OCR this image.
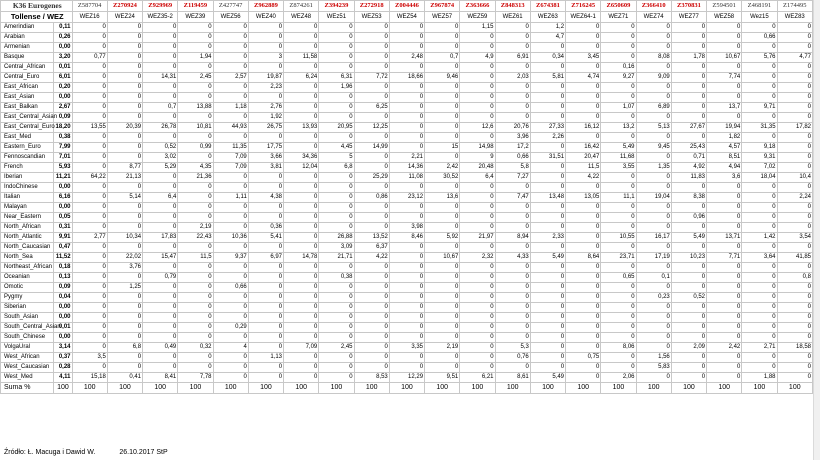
K36 Eurogenes		Z587704	Z270924	Z929969	Z119459	Z427747	Z962889	Z874261	Z394239	Z272918	Z004446	Z967874	Z363666	Z848313	Z674381	Z716245	Z650609	Z366410	Z370831	Z594501	Z468191	Z174495
Tollense / WEZ		WEZ16	WEZ24	WEZ35-2	WEZ39	WEZ56	WEZ40	WEZ48	WEz51	WEZ53	WEZ54	WEZ57	WEZ59	WEZ61	WEZ63	WEZ64-1	WEZ71	WEZ74	WEZ77	WEZ58	Wez15	WEZ83
Amerindian	0,11	0	0	0	0	0	0	0	0	0	0	0	1,15	0	1,2	0	0	0	0	0	0	0
Arabian	0,26	0	0	0	0	0	0	0	0	0	0	0	0	0	4,7	0	0	0	0	0	0,66	0
Armenian	0,00	0	0	0	0	0	0	0	0	0	0	0	0	0	0	0	0	0	0	0	0	0
Basque	3,20	0,77	0	0	1,94	0	3	11,58	0	0	2,48	0,7	4,9	6,91	0,34	3,45	0	8,08	1,78	10,67	5,76	4,77
Central_African	0,01	0	0	0	0	0	0	0	0	0	0	0	0	0	0	0	0,16	0	0	0	0	0
Central_Euro	6,01	0	0	14,31	2,45	2,57	19,87	6,24	6,31	7,72	18,66	9,46	0	2,03	5,81	4,74	9,27	9,09	0	7,74	0	0
East_African	0,20	0	0	0	0	0	2,23	0	1,96	0	0	0	0	0	0	0	0	0	0	0	0	0
East_Asian	0,00	0	0	0	0	0	0	0	0	0	0	0	0	0	0	0	0	0	0	0	0	0
East_Balkan	2,67	0	0	0,7	13,88	1,18	2,76	0	0	6,25	0	0	0	0	0	0	1,07	6,89	0	13,7	9,71	0
East_Central_Asian	0,09	0	0	0	0	0	1,92	0	0	0	0	0	0	0	0	0	0	0	0	0	0	0
East_Central_Euro	18,20	13,55	20,39	26,78	10,81	44,93	26,75	13,93	20,95	12,25	0	0	12,6	20,76	27,33	16,12	13,2	5,13	27,67	19,94	31,35	17,82
East_Med	0,38	0	0	0	0	0	0	0	0	0	0	0	0	3,96	2,26	0	0	0	0	1,82	0	0
Eastern_Euro	7,99	0	0	0,52	0,99	11,35	17,75	0	4,45	14,99	0	15	14,98	17,2	0	16,42	5,49	9,45	25,43	4,57	9,18	0
Fennoscandian	7,01	0	0	3,02	0	7,09	3,66	34,36	5	0	2,21	0	9	0,66	31,51	20,47	11,68	0	0,71	8,51	9,31	0
French	5,93	0	8,77	5,29	4,35	7,09	3,81	12,04	6,8	0	14,36	2,42	20,48	5,8	0	11,5	3,55	1,35	4,92	4,94	7,02	0
Iberian	11,21	64,22	21,13	0	21,36	0	0	0	0	25,29	11,08	30,52	6,4	7,27	0	4,22	0	0	11,83	3,6	18,04	10,4
IndoChinese	0,00	0	0	0	0	0	0	0	0	0	0	0	0	0	0	0	0	0	0	0	0	0
Italian	6,16	0	5,14	6,4	0	1,11	4,38	0	0	0,86	23,12	13,6	0	7,47	13,48	13,05	11,1	19,04	8,38	0	0	2,24
Malayan	0,00	0	0	0	0	0	0	0	0	0	0	0	0	0	0	0	0	0	0	0	0	0
Near_Eastern	0,05	0	0	0	0	0	0	0	0	0	0	0	0	0	0	0	0	0	0,96	0	0	0
North_African	0,31	0	0	0	2,19	0	0,36	0	0	0	3,98	0	0	0	0	0	0	0	0	0	0	0
North_Atlantic	9,91	2,77	10,34	17,83	22,43	10,36	5,41	0	26,88	13,52	8,46	5,92	21,97	8,94	2,33	0	10,55	16,17	5,49	13,71	1,42	3,54
North_Caucasian	0,47	0	0	0	0	0	0	0	3,09	6,37	0	0	0	0	0	0	0	0	0	0	0	0
North_Sea	11,52	0	22,02	15,47	11,5	9,37	6,97	14,78	21,71	4,22	0	10,67	2,32	4,33	5,49	8,64	23,71	17,19	10,23	7,71	3,64	41,85
Northeast_African	0,18	0	3,76	0	0	0	0	0	0	0	0	0	0	0	0	0	0	0	0	0	0	0
Oceanian	0,13	0	0	0,79	0	0	0	0	0,38	0	0	0	0	0	0	0	0,65	0,1	0	0	0	0,8
Omotic	0,09	0	1,25	0	0	0,66	0	0	0	0	0	0	0	0	0	0	0	0	0	0	0	0
Pygmy	0,04	0	0	0	0	0	0	0	0	0	0	0	0	0	0	0	0	0,23	0,52	0	0	0
Siberian	0,00	0	0	0	0	0	0	0	0	0	0	0	0	0	0	0	0	0	0	0	0	0
South_Asian	0,00	0	0	0	0	0	0	0	0	0	0	0	0	0	0	0	0	0	0	0	0	0
South_Central_Asian	0,01	0	0	0	0	0,29	0	0	0	0	0	0	0	0	0	0	0	0	0	0	0	0
South_Chinese	0,00	0	0	0	0	0	0	0	0	0	0	0	0	0	0	0	0	0	0	0	0	0
VolgaUral	3,14	0	6,8	0,49	0,32	4	0	7,09	2,45	0	3,35	2,19	0	5,3	0	0	8,06	0	2,09	2,42	2,71	18,58
West_African	0,37	3,5	0	0	0	0	1,13	0	0	0	0	0	0	0,76	0	0,75	0	1,56	0	0	0	0
West_Caucasian	0,28	0	0	0	0	0	0	0	0	0	0	0	0	0	0	0	0	5,83	0	0	0	0
West_Med	4,11	15,18	0,41	8,41	7,78	0	0	0	0	8,53	12,29	9,51	6,21	8,61	5,49	0	2,06	0	0	0	1,88	0
Suma %	100	100	100	100	100	100	100	100	100	100	100	100	100	100	100	100	100	100	100	100	100	100
Źródło: Ł. Macuga i Dawid W.	26.10.2017 StP
